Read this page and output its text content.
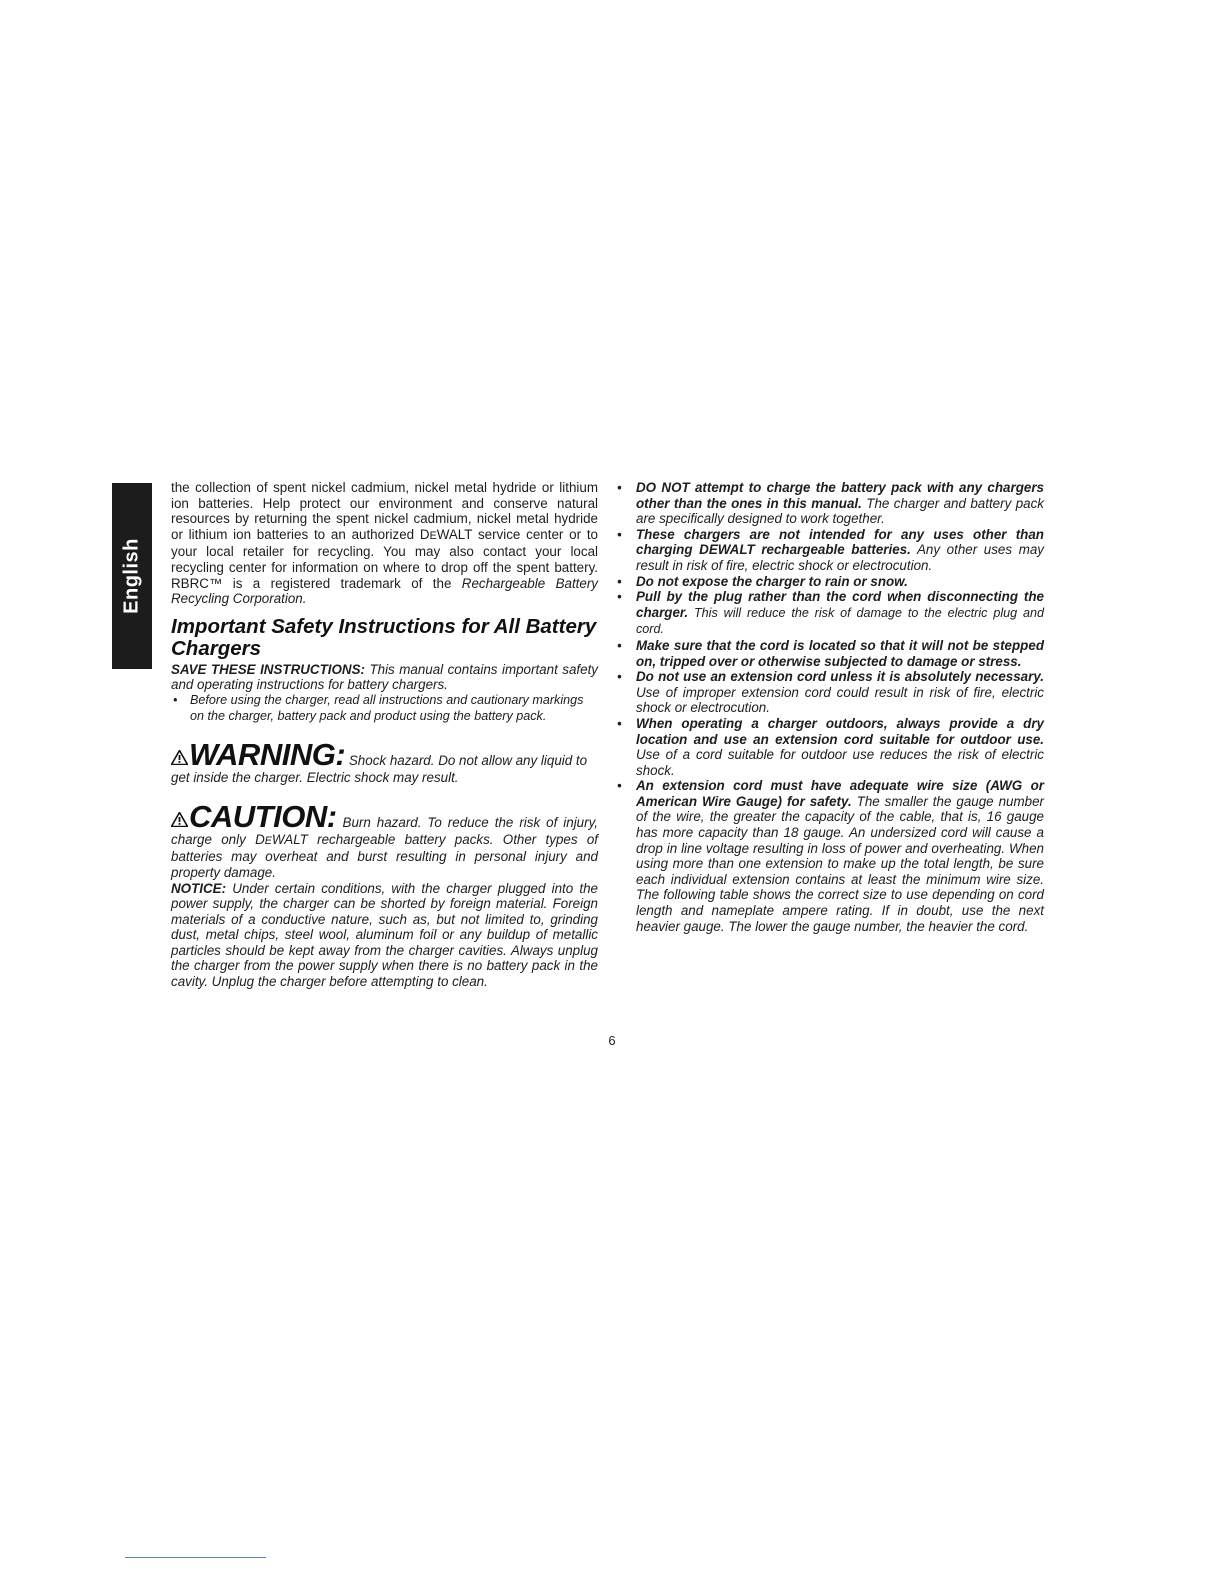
English

the collection of spent nickel cadmium, nickel metal hydride or lithium ion batteries. Help protect our environment and conserve natural resources by returning the spent nickel cadmium, nickel metal hydride or lithium ion batteries to an authorized DEWALT service center or to your local retailer for recycling. You may also contact your local recycling center for information on where to drop off the spent battery. RBRC™ is a registered trademark of the Rechargeable Battery Recycling Corporation.

Important Safety Instructions for All Battery Chargers

SAVE THESE INSTRUCTIONS: This manual contains important safety and operating instructions for battery chargers.

• Before using the charger, read all instructions and cautionary markings on the charger, battery pack and product using the battery pack.

WARNING: Shock hazard. Do not allow any liquid to get inside the charger. Electric shock may result.

CAUTION: Burn hazard. To reduce the risk of injury, charge only DEWALT rechargeable battery packs. Other types of batteries may overheat and burst resulting in personal injury and property damage.

NOTICE: Under certain conditions, with the charger plugged into the power supply, the charger can be shorted by foreign material. Foreign materials of a conductive nature, such as, but not limited to, grinding dust, metal chips, steel wool, aluminum foil or any buildup of metallic particles should be kept away from the charger cavities. Always unplug the charger from the power supply when there is no battery pack in the cavity. Unplug the charger before attempting to clean.

• DO NOT attempt to charge the battery pack with any chargers other than the ones in this manual. The charger and battery pack are specifically designed to work together.
• These chargers are not intended for any uses other than charging DEWALT rechargeable batteries. Any other uses may result in risk of fire, electric shock or electrocution.
• Do not expose the charger to rain or snow.
• Pull by the plug rather than the cord when disconnecting the charger. This will reduce the risk of damage to the electric plug and cord.
• Make sure that the cord is located so that it will not be stepped on, tripped over or otherwise subjected to damage or stress.
• Do not use an extension cord unless it is absolutely necessary. Use of improper extension cord could result in risk of fire, electric shock or electrocution.
• When operating a charger outdoors, always provide a dry location and use an extension cord suitable for outdoor use. Use of a cord suitable for outdoor use reduces the risk of electric shock.
• An extension cord must have adequate wire size (AWG or American Wire Gauge) for safety. The smaller the gauge number of the wire, the greater the capacity of the cable, that is, 16 gauge has more capacity than 18 gauge. An undersized cord will cause a drop in line voltage resulting in loss of power and overheating. When using more than one extension to make up the total length, be sure each individual extension contains at least the minimum wire size. The following table shows the correct size to use depending on cord length and nameplate ampere rating. If in doubt, use the next heavier gauge. The lower the gauge number, the heavier the cord.
6
